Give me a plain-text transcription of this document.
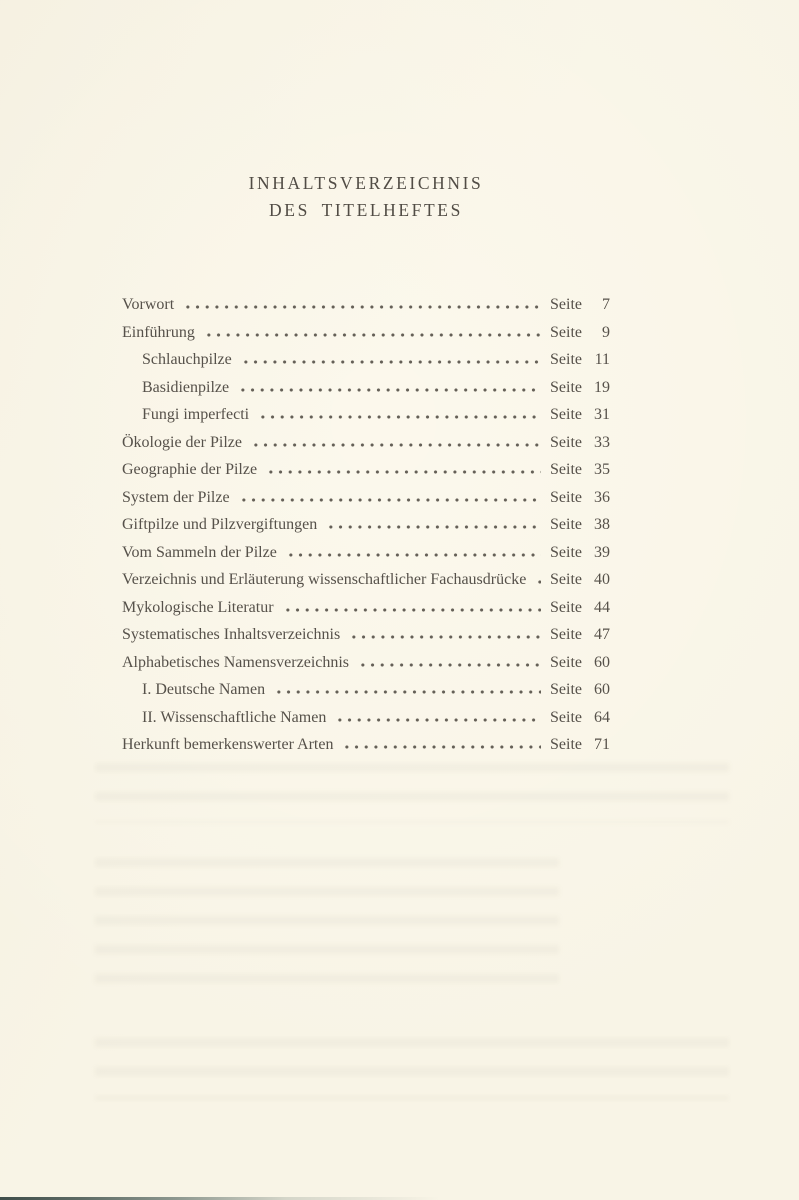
INHALTSVERZEICHNIS
DES TITELHEFTES
Vorwort	Seite	7
Einführung	Seite	9
Schlauchpilze	Seite 11
Basidienpilze	Seite 19
Fungi imperfecti	Seite 31
Ökologie der Pilze	Seite 33
Geographie der Pilze	Seite 35
System der Pilze	Seite 36
Giftpilze und Pilzvergiftungen	Seite 38
Vom Sammeln der Pilze	Seite 39
Verzeichnis und Erläuterung wissenschaftlicher Fachausdrücke Seite 40
Mykologische Literatur	Seite 44
Systematisches Inhaltsverzeichnis	Seite 47
Alphabetisches Namensverzeichnis	Seite 60
I. Deutsche Namen	Seite 60
II. Wissenschaftliche Namen	Seite 64
Herkunft bemerkenswerter Arten	Seite 71
